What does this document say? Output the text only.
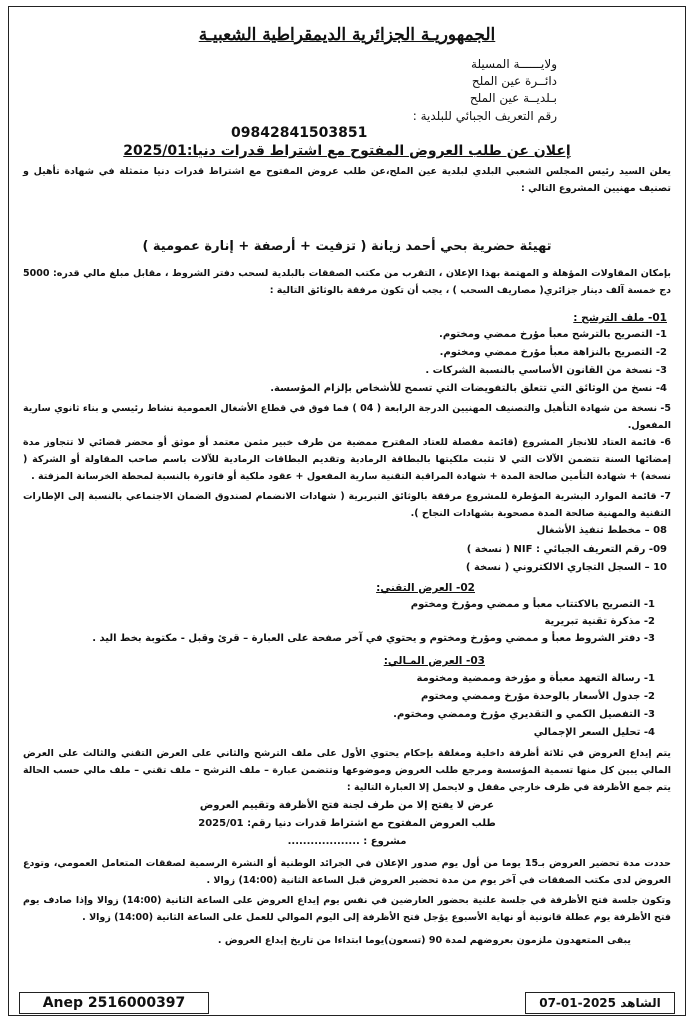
الجمهوريـة الجزائرية الديمقراطية الشعبيـة
ولايــــــة المسيلة
دائــرة عين الملح
بـلديــة عين الملح
رقم التعريف الجبائي للبلدية :
09842841503851
إعلان عن طلب العروض المفتوح مع اشتراط قدرات دنيا:2025/01
يعلن السيد رئيس المجلس الشعبي البلدي لبلدية عين الملح،عن طلب عروض المفتوح مع اشتراط قدرات دنيا متمثلة في شهادة تأهيل و تصنيف مهنيين المشروع التالي :
تهيئة حضرية بحي أحمد زيانة ( تزفيت + أرصفة + إنارة عمومية )
بإمكان المقاولات المؤهلة و المهتمة بهذا الإعلان ، التقرب من مكتب الصفقات بالبلدية لسحب دفتر الشروط ، مقابل مبلغ مالي قدره: 5000 دج خمسة آلف دينار جزائري( مصاريف السحب ) ، يجب أن تكون مرفقة بالوثائق التالية :
01- ملف الترشح :
1- التصريح بالترشح معبأ مؤرخ ممضي ومختوم.
2- التصريح بالنزاهة معبأ مؤرخ ممضي ومختوم.
3- نسخة من القانون الأساسي بالنسبة الشركات .
4- نسخ من الوثائق التي تتعلق بالتفويضات التي تسمح للأشخاص بإلزام المؤسسة.
5- نسخة من شهادة التأهيل والتصنيف المهنيين الدرجة الرابعة ( 04 ) فما فوق في قطاع الأشغال العمومية نشاط رئيسي و بناء ثانوي سارية المفعول.
6- قائمة العتاد للانجاز المشروع (قائمة مفصلة للعتاد المقترح ممضية من طرف خبير مثمن معتمد أو موثق أو محضر قضائي لا تتجاوز مدة إمضائها السنة تتضمن الآلات التي لا تثبت ملكيتها بالبطاقة الرمادية وتقديم البطاقات الرمادية للآلات باسم صاحب المقاولة أو الشركة ( نسخة) + شهادة التأمين صالحة المدة + شهادة المراقبة التقنية سارية المفعول + عقود ملكية أو فاتورة بالنسبة لمحطة الخرسانة المزفتة .
7- قائمة الموارد البشرية المؤطرة للمشروع مرفقة بالوثائق التبريرية ( شهادات الانضمام لصندوق الضمان الاجتماعي بالنسبة إلى الإطارات التقنية والمهنية صالحة المدة مصحوبة بشهادات النجاح ).
08 – مخطط تنفيذ الأشغال
09- رقم التعريف الجبائي : NIF ( نسخة )
10 – السجل التجاري الالكتروني ( نسخة )
02- العرض التقني:
1- التصريح بالاكتتاب معبأ و ممضي ومؤرخ ومختوم
2- مذكرة تقنية تبريرية
3- دفتر الشروط معبأ و ممضي ومؤرخ ومختوم و يحتوي في آخر صفحة على العبارة – قرئ وقبل - مكتوبة بخط اليد .
03- العرض المـالي:
1- رسالة التعهد معبأة و مؤرخة وممضية ومختومة
2- جدول الأسعار بالوحدة مؤرخ وممضي ومختوم
3- التفصيل الكمي و التقديري مؤرخ وممضي ومختوم.
4- تحليل السعر الإجمالي
يتم إيداع العروض في ثلاثة أظرفة داخلية ومغلقة بإحكام يحتوي الأول على ملف الترشح والثاني على العرض التقني والثالث على العرض المالي يبين كل منها تسمية المؤسسة ومرجع طلب العروض وموضوعها وتتضمن عبارة – ملف الترشح – ملف تقني – ملف مالي حسب الحالة يتم جمع الأظرفة في ظرف خارجي مقفل و لايحمل إلا العبارة التالية :
عرض لا يفتح إلا من طرف لجنة فتح الأظرفة وتقييم العروض
طلب العروض المفتوح مع اشتراط قدرات دنيا رقم: 2025/01
مشروع : ...................
حددت مدة تحضير العروض بـ15 يوما من أول يوم صدور الإعلان في الجرائد الوطنية أو النشرة الرسمية لصفقات المتعامل العمومي، وتودع العروض لدى مكتب الصفقات في آخر يوم من مدة تحضير العروض قبل الساعة الثانية (14:00) زوالا .
وتكون جلسة فتح الأظرفة في جلسة علنية بحضور العارضين في نفس يوم إيداع العروض على الساعة الثانية (14:00) زوالا وإذا صادف يوم فتح الأظرفة يوم عطلة قانونية أو نهاية الأسبوع يؤجل فتح الأظرفة إلى اليوم الموالي للعمل على الساعة الثانية (14:00) زوالا .
يبقى المتعهدون ملزمون بعروضهم لمدة 90 (تسعون)يوما ابتداءا من تاريخ إيداع العروض .
Anep 2516000397	الشاهد 2025-01-07
